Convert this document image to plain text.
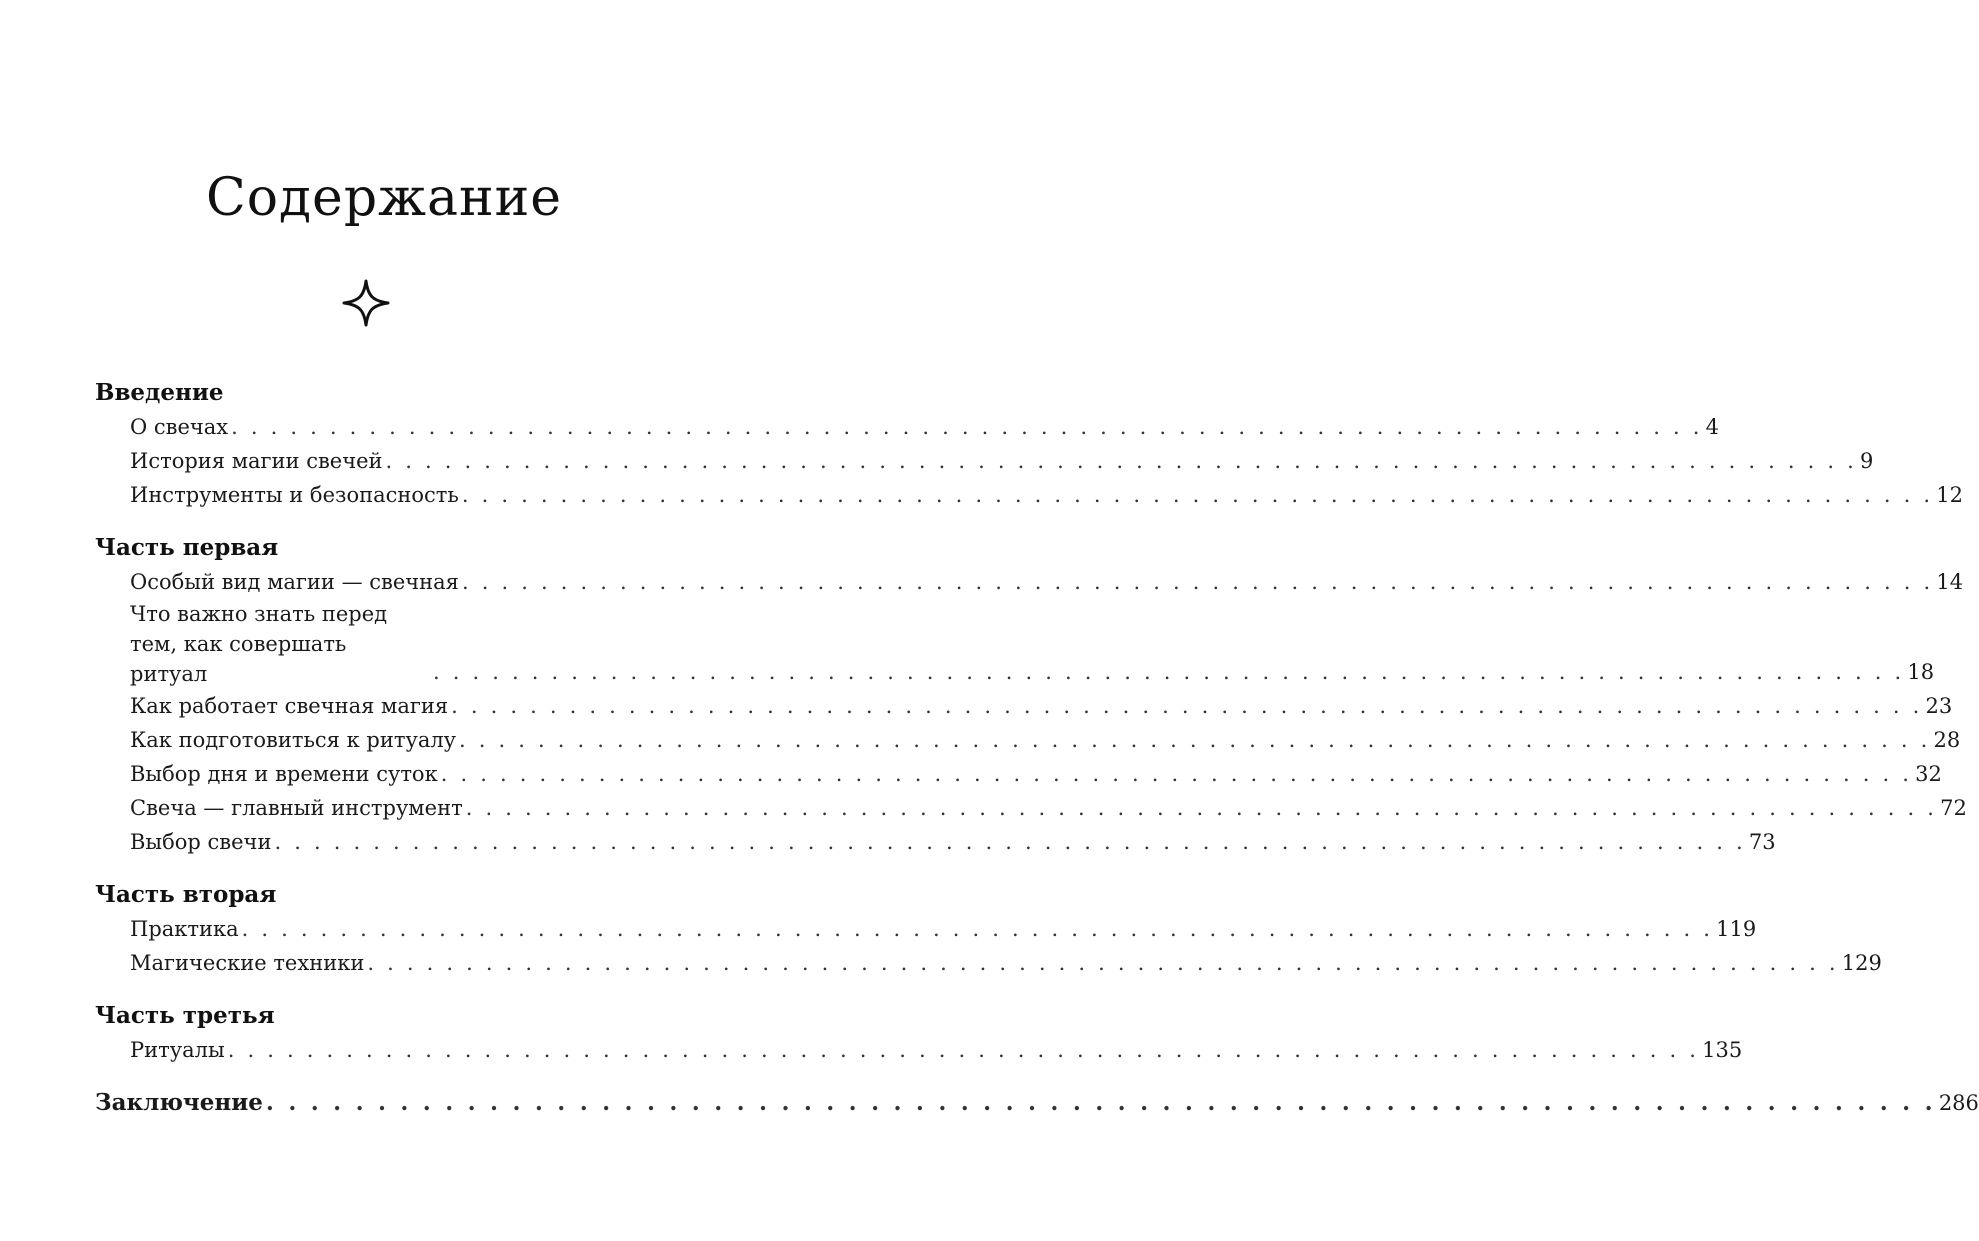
Содержание
Введение
О свечах . . . . . . . . . . . . . . . . . . . . . . . . . . . . . . . . . . . . . . . . . . . . . . . . . . . . . . . . . . . . . . . . . . . . . . . . . . . 4
История магии свечей . . . . . . . . . . . . . . . . . . . . . . . . . . . . . . . . . . . . . . . . . . . . . . . . . . . . . . . . . . . . . . . . . . . . . . . . . . . 9
Инструменты и безопасность . . . . . . . . . . . . . . . . . . . . . . . . . . . . . . . . . . . . . . . . . . . . . . . . . . . . . . . . . . . . . . . . . . . . . . . . . . . 12
Часть первая
Особый вид магии — свечная . . . . . . . . . . . . . . . . . . . . . . . . . . . . . . . . . . . . . . . . . . . . . . . . . . . . . . . . . . . . . . . . . . . . . . . . . . . 14
Что важно знать перед тем, как совершать ритуал	. . . . . . . . . . . . . . . . . . . . . . . . . . . . . . . . . . . . . . . . . . . . . . . . . . . . . . . . . . . . . . . . . . . . . . . . . . . 18
Как работает свечная магия . . . . . . . . . . . . . . . . . . . . . . . . . . . . . . . . . . . . . . . . . . . . . . . . . . . . . . . . . . . . . . . . . . . . . . . . . . . 23
Как подготовиться к ритуалу . . . . . . . . . . . . . . . . . . . . . . . . . . . . . . . . . . . . . . . . . . . . . . . . . . . . . . . . . . . . . . . . . . . . . . . . . . . 28
Выбор дня и времени суток . . . . . . . . . . . . . . . . . . . . . . . . . . . . . . . . . . . . . . . . . . . . . . . . . . . . . . . . . . . . . . . . . . . . . . . . . . . 32
Свеча — главный инструмент . . . . . . . . . . . . . . . . . . . . . . . . . . . . . . . . . . . . . . . . . . . . . . . . . . . . . . . . . . . . . . . . . . . . . . . . . . . 72
Выбор свечи . . . . . . . . . . . . . . . . . . . . . . . . . . . . . . . . . . . . . . . . . . . . . . . . . . . . . . . . . . . . . . . . . . . . . . . . . . . 73
Часть вторая
Практика . . . . . . . . . . . . . . . . . . . . . . . . . . . . . . . . . . . . . . . . . . . . . . . . . . . . . . . . . . . . . . . . . . . . . . . . . . . 119
Магические техники . . . . . . . . . . . . . . . . . . . . . . . . . . . . . . . . . . . . . . . . . . . . . . . . . . . . . . . . . . . . . . . . . . . . . . . . . . . 129
Часть третья
Ритуалы . . . . . . . . . . . . . . . . . . . . . . . . . . . . . . . . . . . . . . . . . . . . . . . . . . . . . . . . . . . . . . . . . . . . . . . . . . . 135
Заключение . . . . . . . . . . . . . . . . . . . . . . . . . . . . . . . . . . . . . . . . . . . . . . . . . . . . . . . . . . . . . . . . . . . . . . . . . . . 286
